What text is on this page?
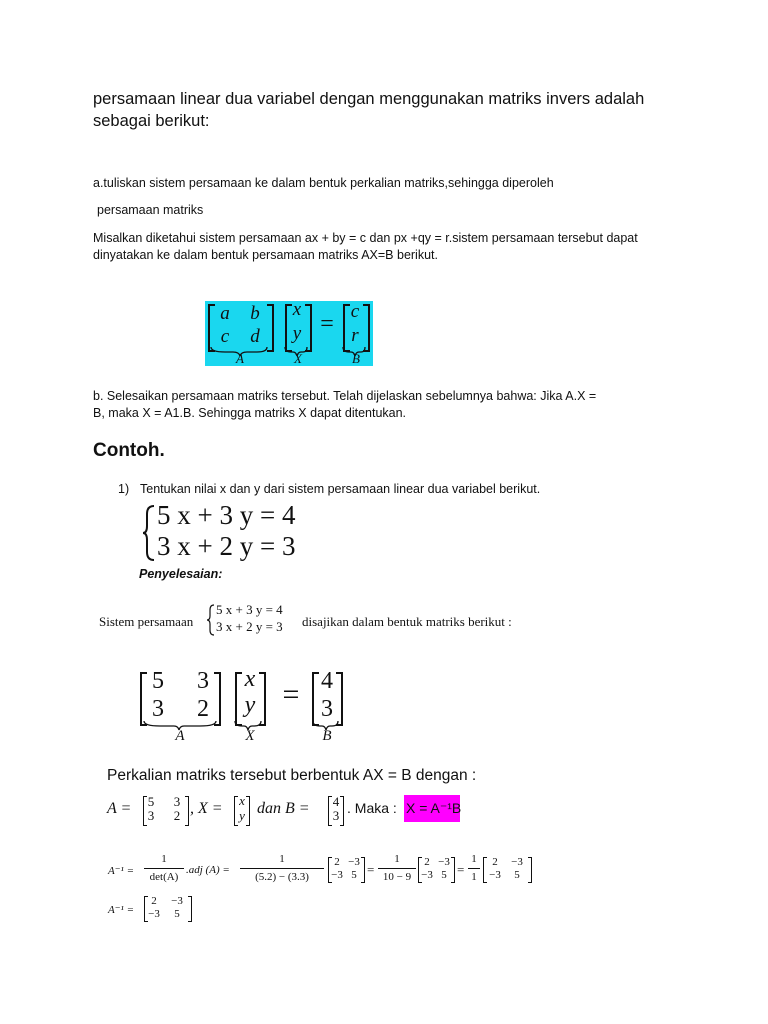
persamaan linear dua variabel dengan menggunakan matriks invers adalah
sebagai berikut:
a.tuliskan sistem persamaan ke dalam bentuk perkalian matriks,sehingga diperoleh
persamaan matriks
Misalkan diketahui sistem persamaan ax + by = c dan px +qy = r.sistem persamaan tersebut dapat
dinyatakan ke dalam bentuk persamaan matriks AX=B berikut.
a b
c	d
x
y = c
r
A	X	B
b. Selesaikan persamaan matriks tersebut. Telah dijelaskan sebelumnya bahwa: Jika A.X =
B, maka X = A1.B. Sehingga matriks X dapat ditentukan.
Contoh.
1) Tentukan nilai x dan y dari sistem persamaan linear dua variabel berikut.
5 x + 3 y = 4
3 x + 2 y = 3
Penyelesaian:
Sistem persamaan
5 x + 3 y = 4
3 x + 2 y = 3 disajikan dalam bentuk matriks berikut :
5 3
3 2
x
y = 4
3
A	X	B
Perkalian matriks tersebut berbentuk AX = B dengan :
A =	5	3
3	2 , X = x
y dan B = 4
3 . Maka : X = A⁻¹B
A⁻¹ =
1
det(A)
.adj (A) =
1
(5.2) − (3.3)
2 −3
−3 5 =
1
10 − 9
2 −3
−3 5 =
1
1
2	−3
−3	5
A⁻¹ =
2	−3
−3	5
